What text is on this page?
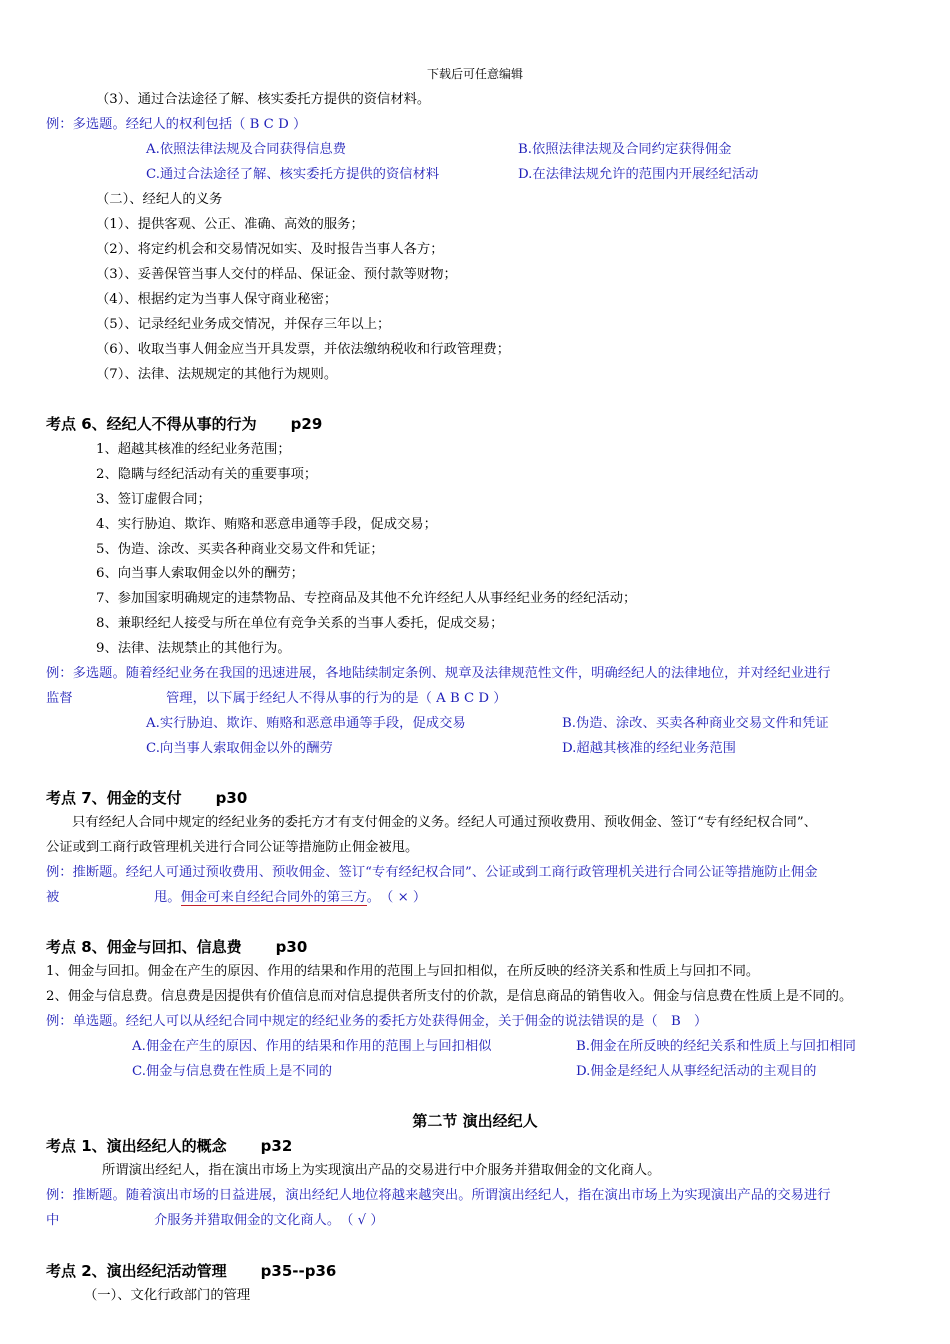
下载后可任意编辑
（3）、通过合法途径了解、核实委托方提供的资信材料。
例：多选题。经纪人的权利包括（ B C D ）
A.依照法律法规及合同获得信息费	B.依照法律法规及合同约定获得佣金
C.通过合法途径了解、核实委托方提供的资信材料	D.在法律法规允许的范围内开展经纪活动
（二）、经纪人的义务
（1）、提供客观、公正、准确、高效的服务；
（2）、将定约机会和交易情况如实、及时报告当事人各方；
（3）、妥善保管当事人交付的样品、保证金、预付款等财物；
（4）、根据约定为当事人保守商业秘密；
（5）、记录经纪业务成交情况，并保存三年以上；
（6）、收取当事人佣金应当开具发票，并依法缴纳税收和行政管理费；
（7）、法律、法规规定的其他行为规则。
考点 6、经纪人不得从事的行为 p29
1、超越其核准的经纪业务范围；
2、隐瞒与经纪活动有关的重要事项；
3、签订虚假合同；
4、实行胁迫、欺诈、贿赂和恶意串通等手段，促成交易；
5、伪造、涂改、买卖各种商业交易文件和凭证；
6、向当事人索取佣金以外的酬劳；
7、参加国家明确规定的违禁物品、专控商品及其他不允许经纪人从事经纪业务的经纪活动；
8、兼职经纪人接受与所在单位有竞争关系的当事人委托，促成交易；
9、法律、法规禁止的其他行为。
例：多选题。随着经纪业务在我国的迅速进展，各地陆续制定条例、规章及法律规范性文件，明确经纪人的法律地位，并对经纪业进行
监督	管理，以下属于经纪人不得从事的行为的是（ A B C D ）
A.实行胁迫、欺诈、贿赂和恶意串通等手段，促成交易	B.伪造、涂改、买卖各种商业交易文件和凭证
C.向当事人索取佣金以外的酬劳	D.超越其核准的经纪业务范围
考点 7、佣金的支付 p30
只有经纪人合同中规定的经纪业务的委托方才有支付佣金的义务。经纪人可通过预收费用、预收佣金、签订“专有经纪权合同”、
公证或到工商行政管理机关进行合同公证等措施防止佣金被甩。
例：推断题。经纪人可通过预收费用、预收佣金、签订“专有经纪权合同”、公证或到工商行政管理机关进行合同公证等措施防止佣金
被	甩。佣金可来自经纪合同外的第三方。　（ × ）
考点 8、佣金与回扣、信息费 p30
1、佣金与回扣。佣金在产生的原因、作用的结果和作用的范围上与回扣相似，在所反映的经济关系和性质上与回扣不同。
2、佣金与信息费。信息费是因提供有价值信息而对信息提供者所支付的价款，是信息商品的销售收入。佣金与信息费在性质上是不同的。
例：单选题。经纪人可以从经纪合同中规定的经纪业务的委托方处获得佣金，关于佣金的说法错误的是（　B　）
A.佣金在产生的原因、作用的结果和作用的范围上与回扣相似	B.佣金在所反映的经纪关系和性质上与回扣相同
C.佣金与信息费在性质上是不同的	D.佣金是经纪人从事经纪活动的主观目的
第二节 演出经纪人
考点 1、演出经纪人的概念 p32
所谓演出经纪人，指在演出市场上为实现演出产品的交易进行中介服务并猎取佣金的文化商人。
例：推断题。随着演出市场的日益进展，演出经纪人地位将越来越突出。所谓演出经纪人，指在演出市场上为实现演出产品的交易进行
中	介服务并猎取佣金的文化商人。　（ √ ）
考点 2、演出经纪活动管理 p35--p36
（一）、文化行政部门的管理
